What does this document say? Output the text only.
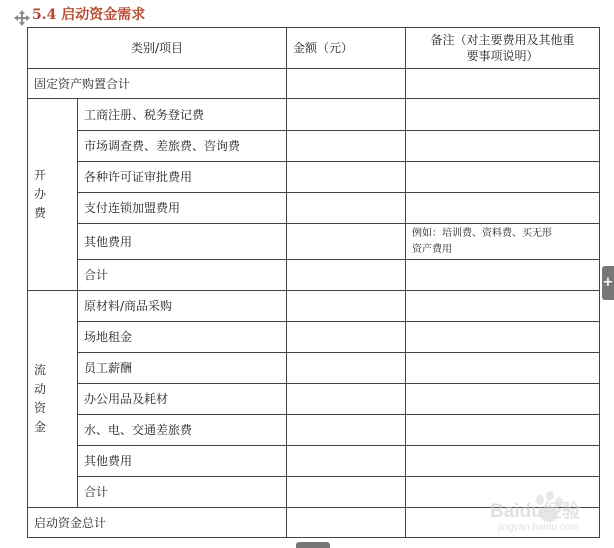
5.4 启动资金需求
类别/项目		金额（元）	备注（对主要费用及其他重
要事项说明）

固定资产购置合计			

开办费	工商注册、税务登记费		
	市场调查费、差旅费、咨询费		
	各种许可证审批费用		
	支付连锁加盟费用		
	其他费用		例如：培训费、资料费、买无形
资产费用

	合计		

流动资金	原材料/商品采购		
	场地租金		
	员工薪酬		
	办公用品及耗材		
	水、电、交通差旅费		
	其他费用		
	合计		
启动资金总计			
+
Baidu经验
jingyan.baidu.com
